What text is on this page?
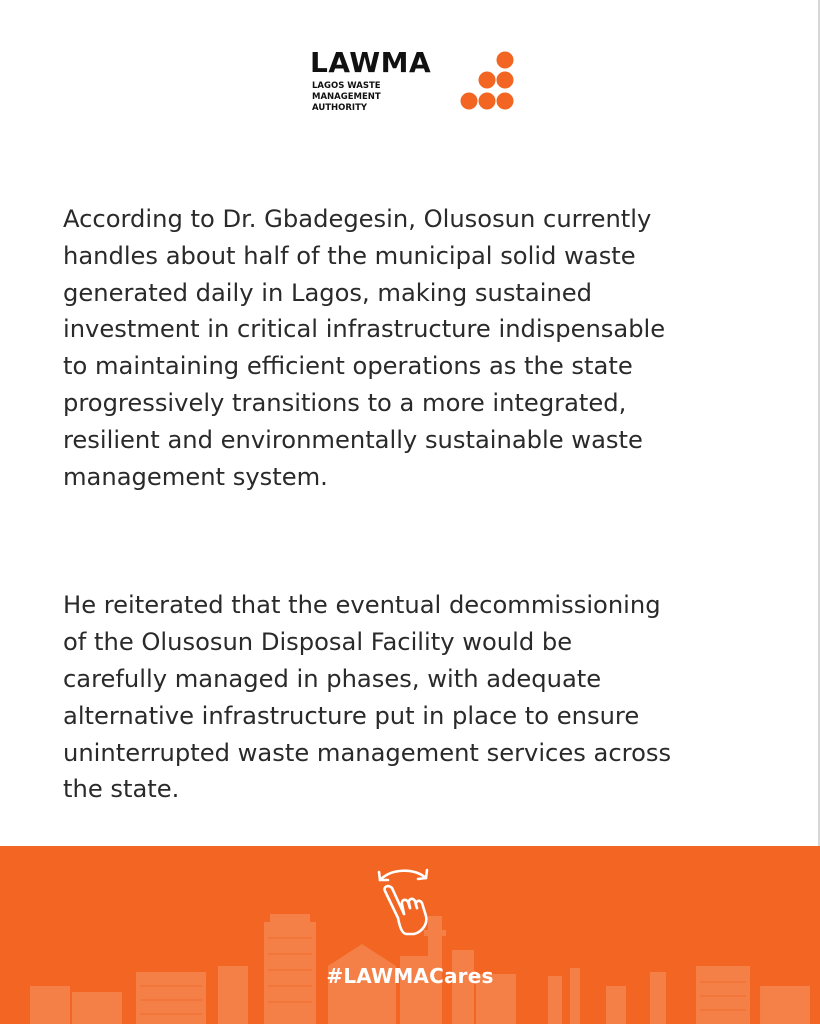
LAWMA
LAGOS WASTE
MANAGEMENT
AUTHORITY

According to Dr. Gbadegesin, Olusosun currently
handles about half of the municipal solid waste
generated daily in Lagos, making sustained
investment in critical infrastructure indispensable
to maintaining efficient operations as the state
progressively transitions to a more integrated,
resilient and environmentally sustainable waste
management system.

He reiterated that the eventual decommissioning
of the Olusosun Disposal Facility would be
carefully managed in phases, with adequate
alternative infrastructure put in place to ensure
uninterrupted waste management services across
the state.

#LAWMACares
